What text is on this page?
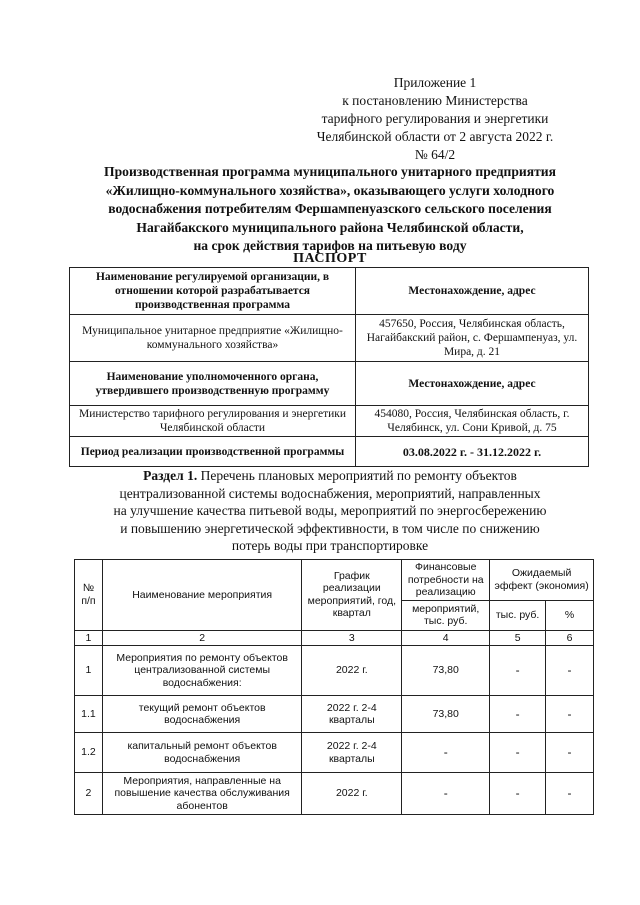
Приложение 1
к постановлению Министерства
тарифного регулирования и энергетики
Челябинской области от 2 августа 2022 г.
№ 64/2
Производственная программа муниципального унитарного предприятия
«Жилищно-коммунального хозяйства», оказывающего услуги холодного
водоснабжения потребителям Фершампенуазского сельского поселения
Нагайбакского муниципального района Челябинской области,
на срок действия тарифов на питьевую воду
ПАСПОРТ
Наименование регулируемой организации, в отношении которой разрабатывается производственная программа	Местонахождение, адрес
Муниципальное унитарное предприятие «Жилищно-коммунального хозяйства»	457650, Россия, Челябинская область, Нагайбакский район, с. Фершампенуаз, ул. Мира, д. 21
Наименование уполномоченного органа, утвердившего производственную программу	Местонахождение, адрес
Министерство тарифного регулирования и энергетики Челябинской области	454080, Россия, Челябинская область, г. Челябинск, ул. Сони Кривой, д. 75
Период реализации производственной программы	03.08.2022 г. - 31.12.2022 г.
Раздел 1. Перечень плановых мероприятий по ремонту объектов
централизованной системы водоснабжения, мероприятий, направленных
на улучшение качества питьевой воды, мероприятий по энергосбережению
и повышению энергетической эффективности, в том числе по снижению
потерь воды при транспортировке
№ п/п	Наименование мероприятия	График реализации мероприятий, год, квартал	Финансовые потребности на реализацию	Ожидаемый эффект (экономия)	
			мероприятий, тыс. руб.	тыс. руб.	%
1	2	3	4	5	6
1	Мероприятия по ремонту объектов централизованной системы водоснабжения:	2022 г.	73,80	-	-
1.1	текущий ремонт объектов водоснабжения	2022 г. 2-4 кварталы	73,80	-	-
1.2	капитальный ремонт объектов водоснабжения	2022 г. 2-4 кварталы	-	-	-
2	Мероприятия, направленные на повышение качества обслуживания абонентов	2022 г.	-	-	-
